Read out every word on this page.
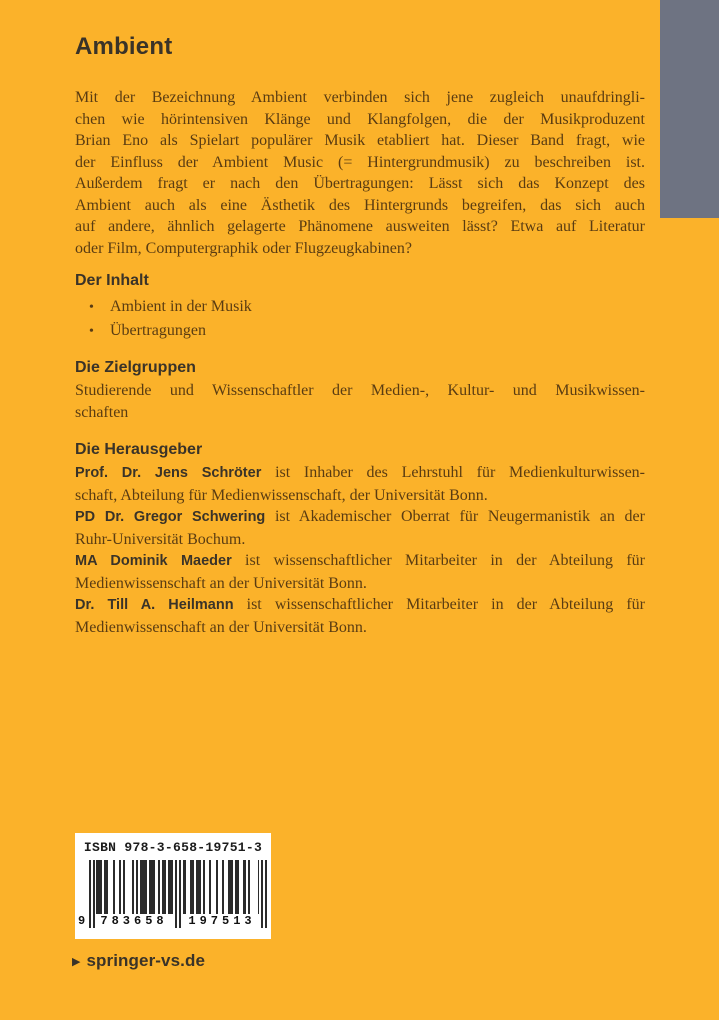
Ambient
Mit der Bezeichnung Ambient verbinden sich jene zugleich unaufdringli-
chen wie hörintensiven Klänge und Klangfolgen, die der Musikproduzent
Brian Eno als Spielart populärer Musik etabliert hat. Dieser Band fragt, wie
der Einfluss der Ambient Music (= Hintergrundmusik) zu beschreiben ist.
Außerdem fragt er nach den Übertragungen: Lässt sich das Konzept des
Ambient auch als eine Ästhetik des Hintergrunds begreifen, das sich auch
auf andere, ähnlich gelagerte Phänomene ausweiten lässt? Etwa auf Literatur
oder Film, Computergraphik oder Flugzeugkabinen?
Der Inhalt
•	Ambient in der Musik
•	Übertragungen
Die Zielgruppen
Studierende und Wissenschaftler der Medien-, Kultur- und Musikwissen-
schaften
Die Herausgeber
Prof. Dr. Jens Schröter ist Inhaber des Lehrstuhl für Medienkulturwissen-
schaft, Abteilung für Medienwissenschaft, der Universität Bonn.
PD Dr. Gregor Schwering ist Akademischer Oberrat für Neugermanistik an der
Ruhr-Universität Bochum.
MA Dominik Maeder ist wissenschaftlicher Mitarbeiter in der Abteilung für
Medienwissenschaft an der Universität Bonn.
Dr. Till A. Heilmann ist wissenschaftlicher Mitarbeiter in der Abteilung für
Medienwissenschaft an der Universität Bonn.
ISBN 978-3-658-19751-3
9	783658	197513
▶ springer-vs.de
